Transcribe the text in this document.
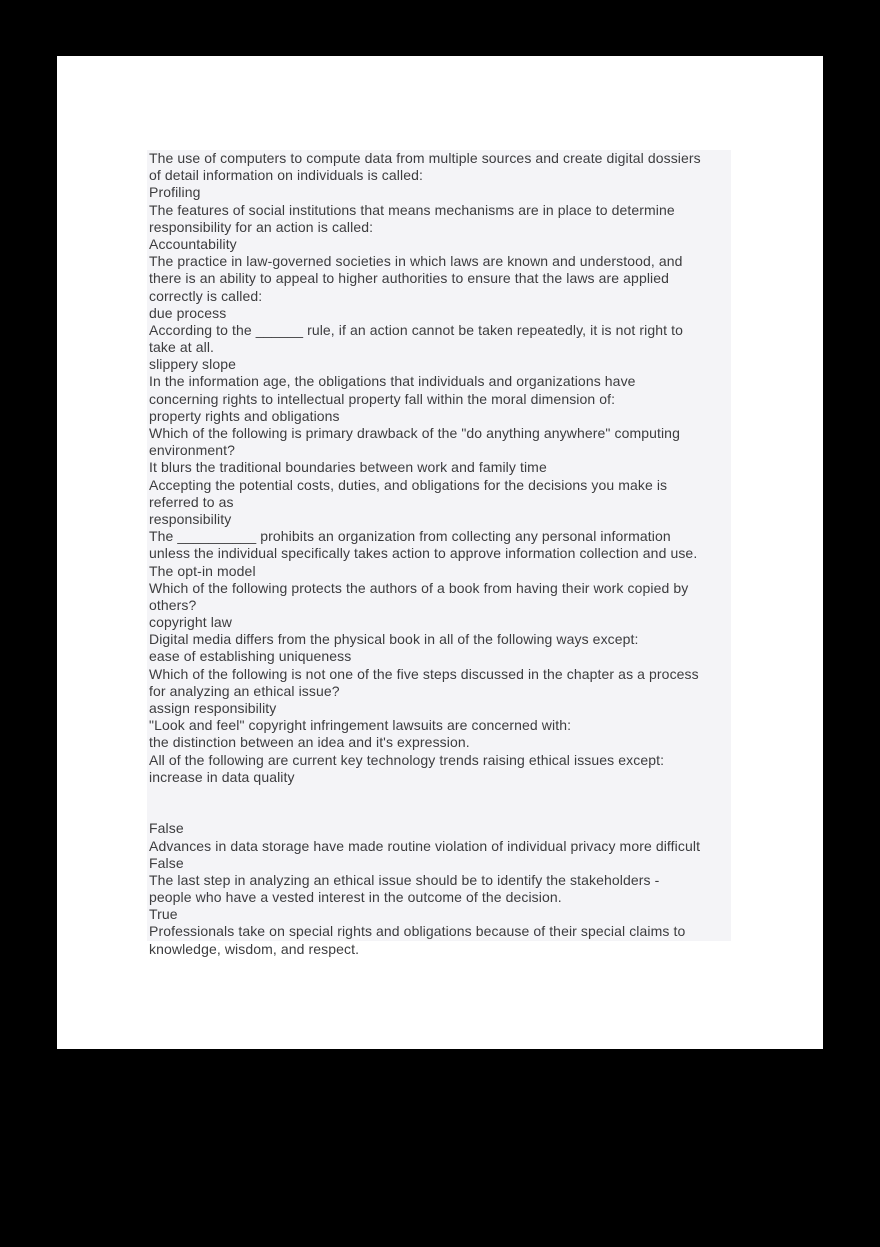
The use of computers to compute data from multiple sources and create digital dossiers
of detail information on individuals is called:
Profiling
The features of social institutions that means mechanisms are in place to determine
responsibility for an action is called:
Accountability
The practice in law-governed societies in which laws are known and understood, and
there is an ability to appeal to higher authorities to ensure that the laws are applied
correctly is called:
due process
According to the ______ rule, if an action cannot be taken repeatedly, it is not right to
take at all.
slippery slope
In the information age, the obligations that individuals and organizations have
concerning rights to intellectual property fall within the moral dimension of:
property rights and obligations
Which of the following is primary drawback of the "do anything anywhere" computing
environment?
It blurs the traditional boundaries between work and family time
Accepting the potential costs, duties, and obligations for the decisions you make is
referred to as
responsibility
The __________ prohibits an organization from collecting any personal information
unless the individual specifically takes action to approve information collection and use.
The opt-in model
Which of the following protects the authors of a book from having their work copied by
others?
copyright law
Digital media differs from the physical book in all of the following ways except:
ease of establishing uniqueness
Which of the following is not one of the five steps discussed in the chapter as a process
for analyzing an ethical issue?
assign responsibility
"Look and feel" copyright infringement lawsuits are concerned with:
the distinction between an idea and it's expression.
All of the following are current key technology trends raising ethical issues except:
increase in data quality
False
Advances in data storage have made routine violation of individual privacy more difficult
False
The last step in analyzing an ethical issue should be to identify the stakeholders -
people who have a vested interest in the outcome of the decision.
True
Professionals take on special rights and obligations because of their special claims to
knowledge, wisdom, and respect.
